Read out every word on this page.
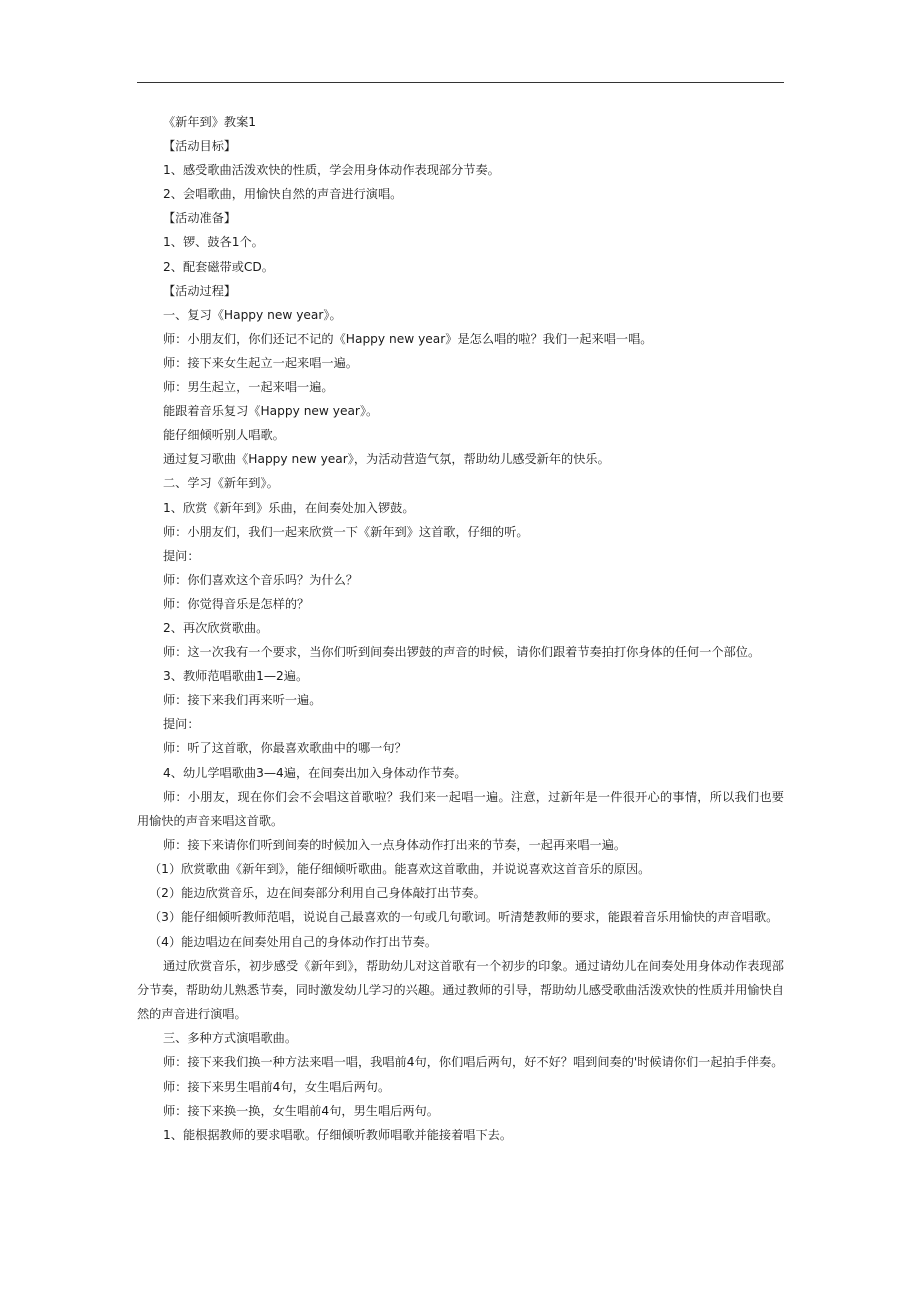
《新年到》教案1
【活动目标】
1、感受歌曲活泼欢快的性质，学会用身体动作表现部分节奏。
2、会唱歌曲，用愉快自然的声音进行演唱。
【活动准备】
1、锣、鼓各1个。
2、配套磁带或CD。
【活动过程】
一、复习《Happy new year》。
师：小朋友们，你们还记不记的《Happy new year》是怎么唱的啦？我们一起来唱一唱。
师：接下来女生起立一起来唱一遍。
师：男生起立，一起来唱一遍。
能跟着音乐复习《Happy new year》。
能仔细倾听别人唱歌。
通过复习歌曲《Happy new year》，为活动营造气氛，帮助幼儿感受新年的快乐。
二、学习《新年到》。
1、欣赏《新年到》乐曲，在间奏处加入锣鼓。
师：小朋友们，我们一起来欣赏一下《新年到》这首歌，仔细的听。
提问：
师：你们喜欢这个音乐吗？为什么？
师：你觉得音乐是怎样的？
2、再次欣赏歌曲。
师：这一次我有一个要求，当你们听到间奏出锣鼓的声音的时候，请你们跟着节奏拍打你身体的任何一个部位。
3、教师范唱歌曲1—2遍。
师：接下来我们再来听一遍。
提问：
师：听了这首歌，你最喜欢歌曲中的哪一句？
4、幼儿学唱歌曲3—4遍，在间奏出加入身体动作节奏。
师：小朋友，现在你们会不会唱这首歌啦？我们来一起唱一遍。注意，过新年是一件很开心的事情，所以我们也要用愉快的声音来唱这首歌。
师：接下来请你们听到间奏的时候加入一点身体动作打出来的节奏，一起再来唱一遍。
（1）欣赏歌曲《新年到》，能仔细倾听歌曲。能喜欢这首歌曲，并说说喜欢这首音乐的原因。
（2）能边欣赏音乐，边在间奏部分利用自己身体敲打出节奏。
（3）能仔细倾听教师范唱，说说自己最喜欢的一句或几句歌词。听清楚教师的要求，能跟着音乐用愉快的声音唱歌。
（4）能边唱边在间奏处用自己的身体动作打出节奏。
通过欣赏音乐，初步感受《新年到》，帮助幼儿对这首歌有一个初步的印象。通过请幼儿在间奏处用身体动作表现部分节奏，帮助幼儿熟悉节奏，同时激发幼儿学习的兴趣。通过教师的引导，帮助幼儿感受歌曲活泼欢快的性质并用愉快自然的声音进行演唱。
三、多种方式演唱歌曲。
师：接下来我们换一种方法来唱一唱，我唱前4句，你们唱后两句，好不好？唱到间奏的'时候请你们一起拍手伴奏。
师：接下来男生唱前4句，女生唱后两句。
师：接下来换一换，女生唱前4句，男生唱后两句。
1、能根据教师的要求唱歌。仔细倾听教师唱歌并能接着唱下去。
